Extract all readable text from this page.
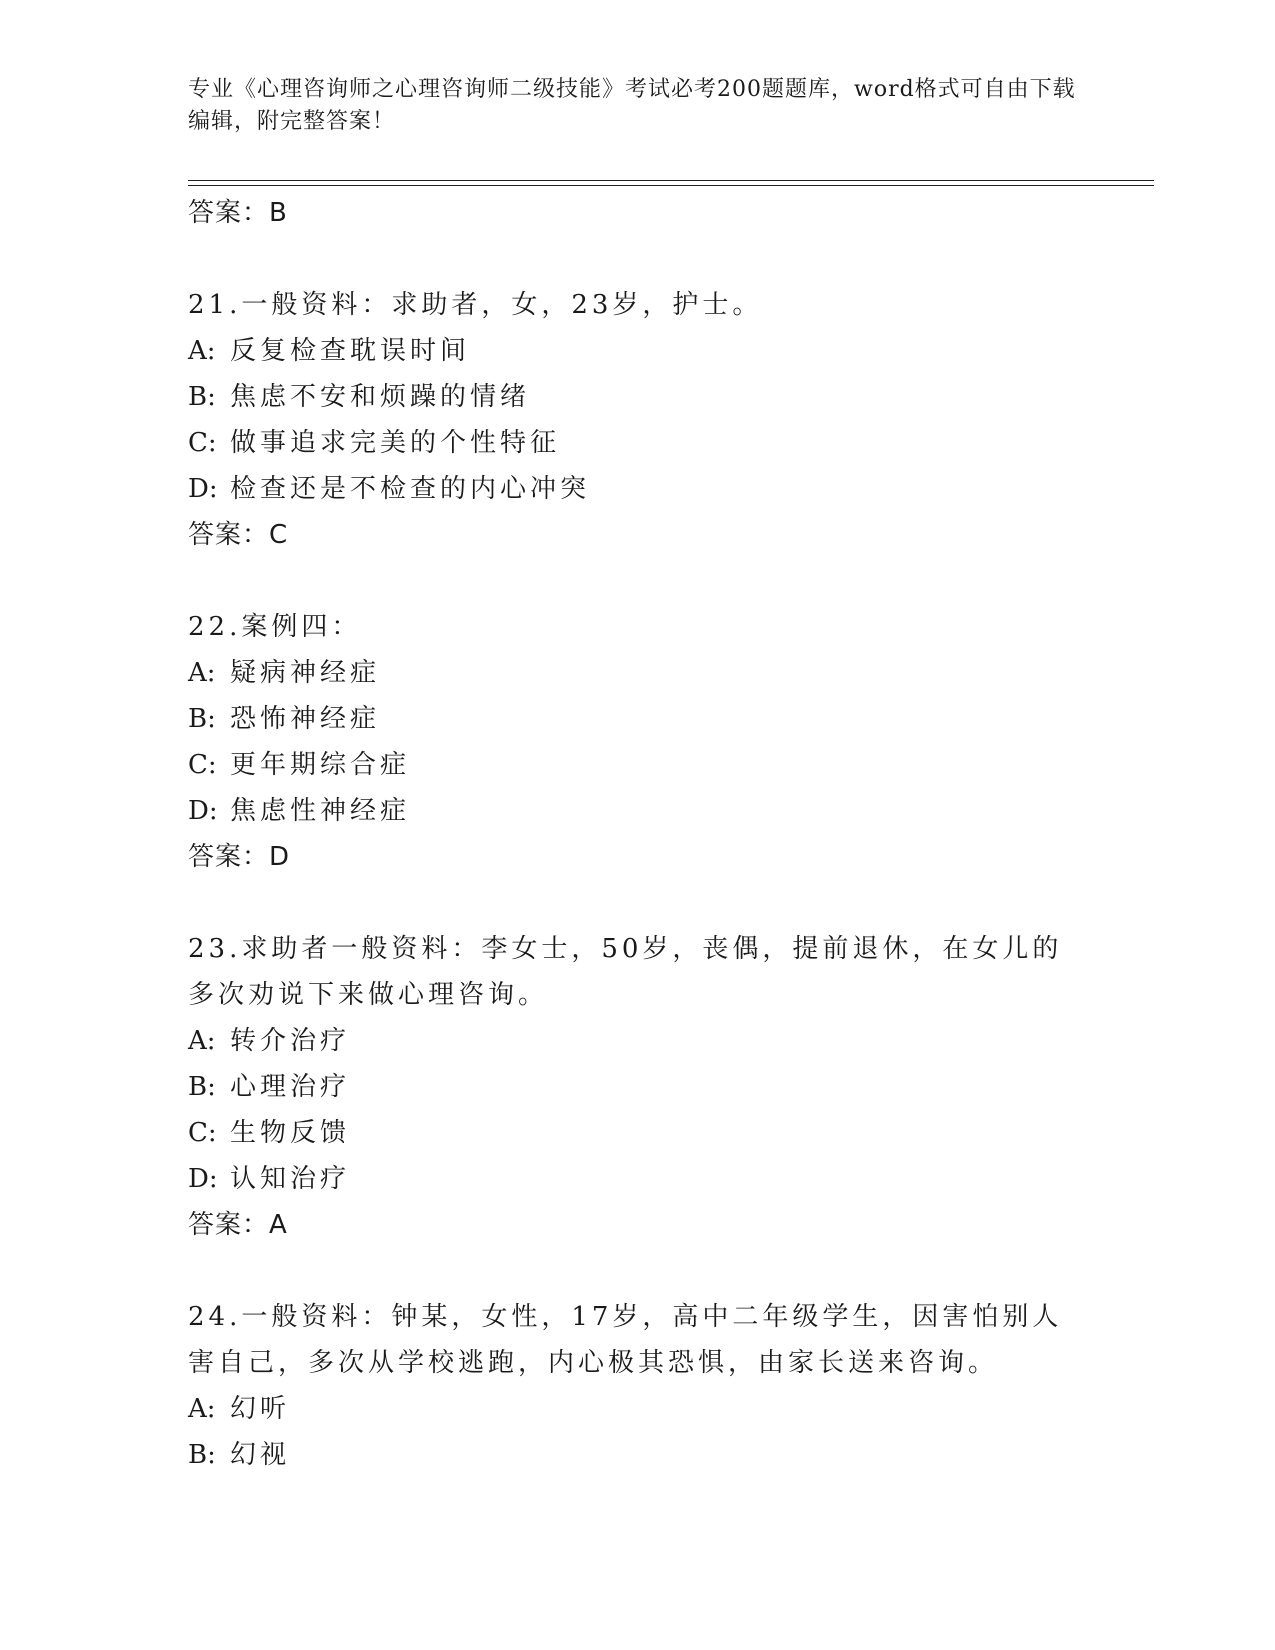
专业《心理咨询师之心理咨询师二级技能》考试必考200题题库，word格式可自由下载编辑，附完整答案！

答案：B

21.一般资料：求助者，女，23岁，护士。

A: 反复检查耽误时间

B: 焦虑不安和烦躁的情绪

C: 做事追求完美的个性特征

D: 检查还是不检查的内心冲突

答案：C

22.案例四：

A: 疑病神经症

B: 恐怖神经症

C: 更年期综合症

D: 焦虑性神经症

答案：D

23.求助者一般资料：李女士，50岁，丧偶，提前退休，在女儿的多次劝说下来做心理咨询。

A: 转介治疗

B: 心理治疗

C: 生物反馈

D: 认知治疗

答案：A

24.一般资料：钟某，女性，17岁，高中二年级学生，因害怕别人害自己，多次从学校逃跑，内心极其恐惧，由家长送来咨询。

A: 幻听

B: 幻视
